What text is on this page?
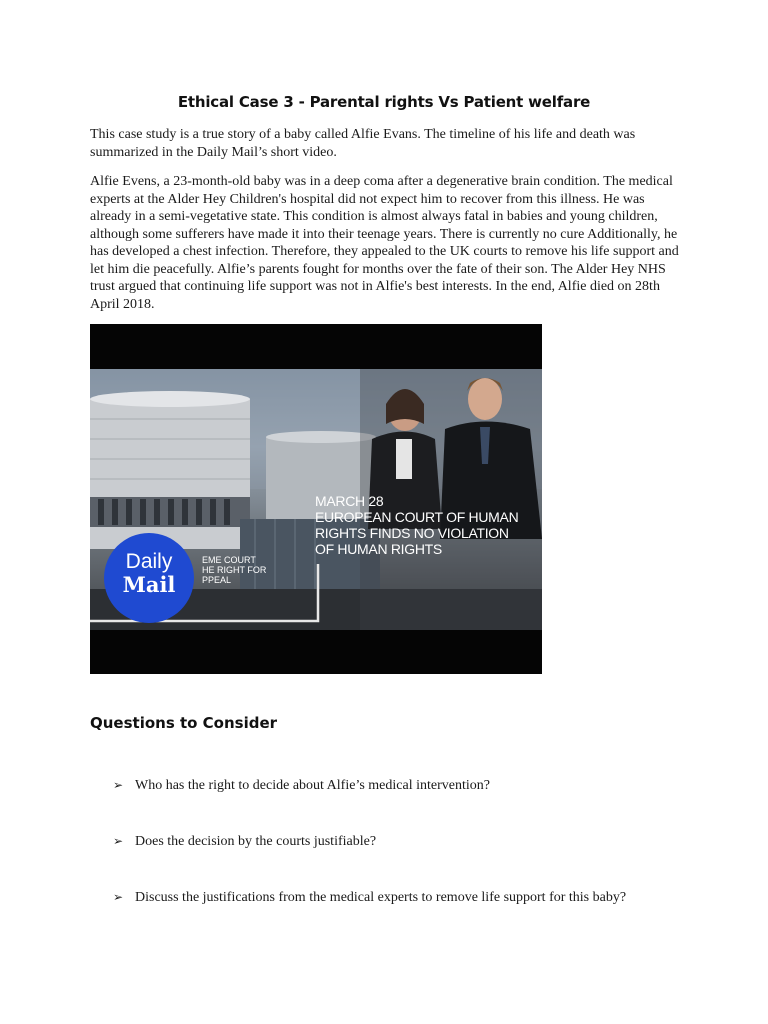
Ethical Case 3 - Parental rights Vs Patient welfare
This case study is a true story of a baby called Alfie Evans. The timeline of his life and death was summarized in the Daily Mail’s short video.
Alfie Evens, a 23-month-old baby was in a deep coma after a degenerative brain condition. The medical experts at the Alder Hey Children's hospital did not expect him to recover from this illness. He was already in a semi-vegetative state. This condition is almost always fatal in babies and young children, although some sufferers have made it into their teenage years. There is currently no cure Additionally, he has developed a chest infection. Therefore, they appealed to the UK courts to remove his life support and let him die peacefully. Alfie’s parents fought for months over the fate of their son. The Alder Hey NHS trust argued that continuing life support was not in Alfie's best interests. In the end, Alfie died on 28th April 2018.
Daily
Mail
EME COURT
HE RIGHT FOR
PPEAL
MARCH 28
EUROPEAN COURT OF HUMAN
RIGHTS FINDS NO VIOLATION
OF HUMAN RIGHTS
Questions to Consider
➢ Who has the right to decide about Alfie’s medical intervention?
➢ Does the decision by the courts justifiable?
➢ Discuss the justifications from the medical experts to remove life support for this baby?
